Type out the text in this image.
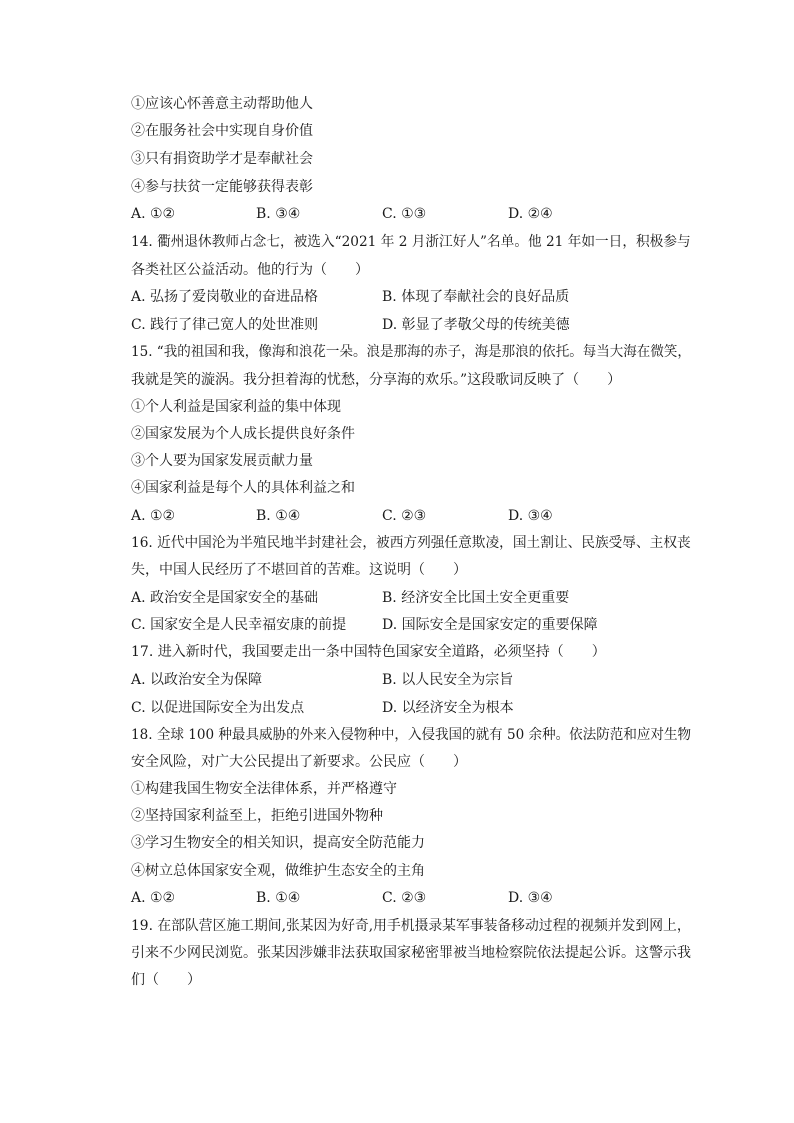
①应该心怀善意主动帮助他人
②在服务社会中实现自身价值
③只有捐资助学才是奉献社会
④参与扶贫一定能够获得表彰
A. ①②	B. ③④	C. ①③	D. ②④
14. 衢州退休教师占念七，被选入“2021 年 2 月浙江好人”名单。他 21 年如一日，积极参与
各类社区公益活动。他的行为（　　）
A. 弘扬了爱岗敬业的奋进品格	B. 体现了奉献社会的良好品质
C. 践行了律己宽人的处世准则	D. 彰显了孝敬父母的传统美德
15. “我的祖国和我，像海和浪花一朵。浪是那海的赤子，海是那浪的依托。每当大海在微笑，
我就是笑的漩涡。我分担着海的忧愁，分享海的欢乐。”这段歌词反映了（　　）
①个人利益是国家利益的集中体现
②国家发展为个人成长提供良好条件
③个人要为国家发展贡献力量
④国家利益是每个人的具体利益之和
A. ①②	B. ①④	C. ②③	D. ③④
16. 近代中国沦为半殖民地半封建社会，被西方列强任意欺凌，国土割让、民族受辱、主权丧
失，中国人民经历了不堪回首的苦难。这说明（　　）
A. 政治安全是国家安全的基础	B. 经济安全比国土安全更重要
C. 国家安全是人民幸福安康的前提	D. 国际安全是国家安定的重要保障
17. 进入新时代，我国要走出一条中国特色国家安全道路，必须坚持（　　）
A. 以政治安全为保障	B. 以人民安全为宗旨
C. 以促进国际安全为出发点	D. 以经济安全为根本
18. 全球 100 种最具威胁的外来入侵物种中，入侵我国的就有 50 余种。依法防范和应对生物
安全风险，对广大公民提出了新要求。公民应（　　）
①构建我国生物安全法律体系，并严格遵守
②坚持国家利益至上，拒绝引进国外物种
③学习生物安全的相关知识，提高安全防范能力
④树立总体国家安全观，做维护生态安全的主角
A. ①②	B. ①④	C. ②③	D. ③④
19. 在部队营区施工期间,张某因为好奇,用手机摄录某军事装备移动过程的视频并发到网上，
引来不少网民浏览。张某因涉嫌非法获取国家秘密罪被当地检察院依法提起公诉。这警示我
们（　　）
